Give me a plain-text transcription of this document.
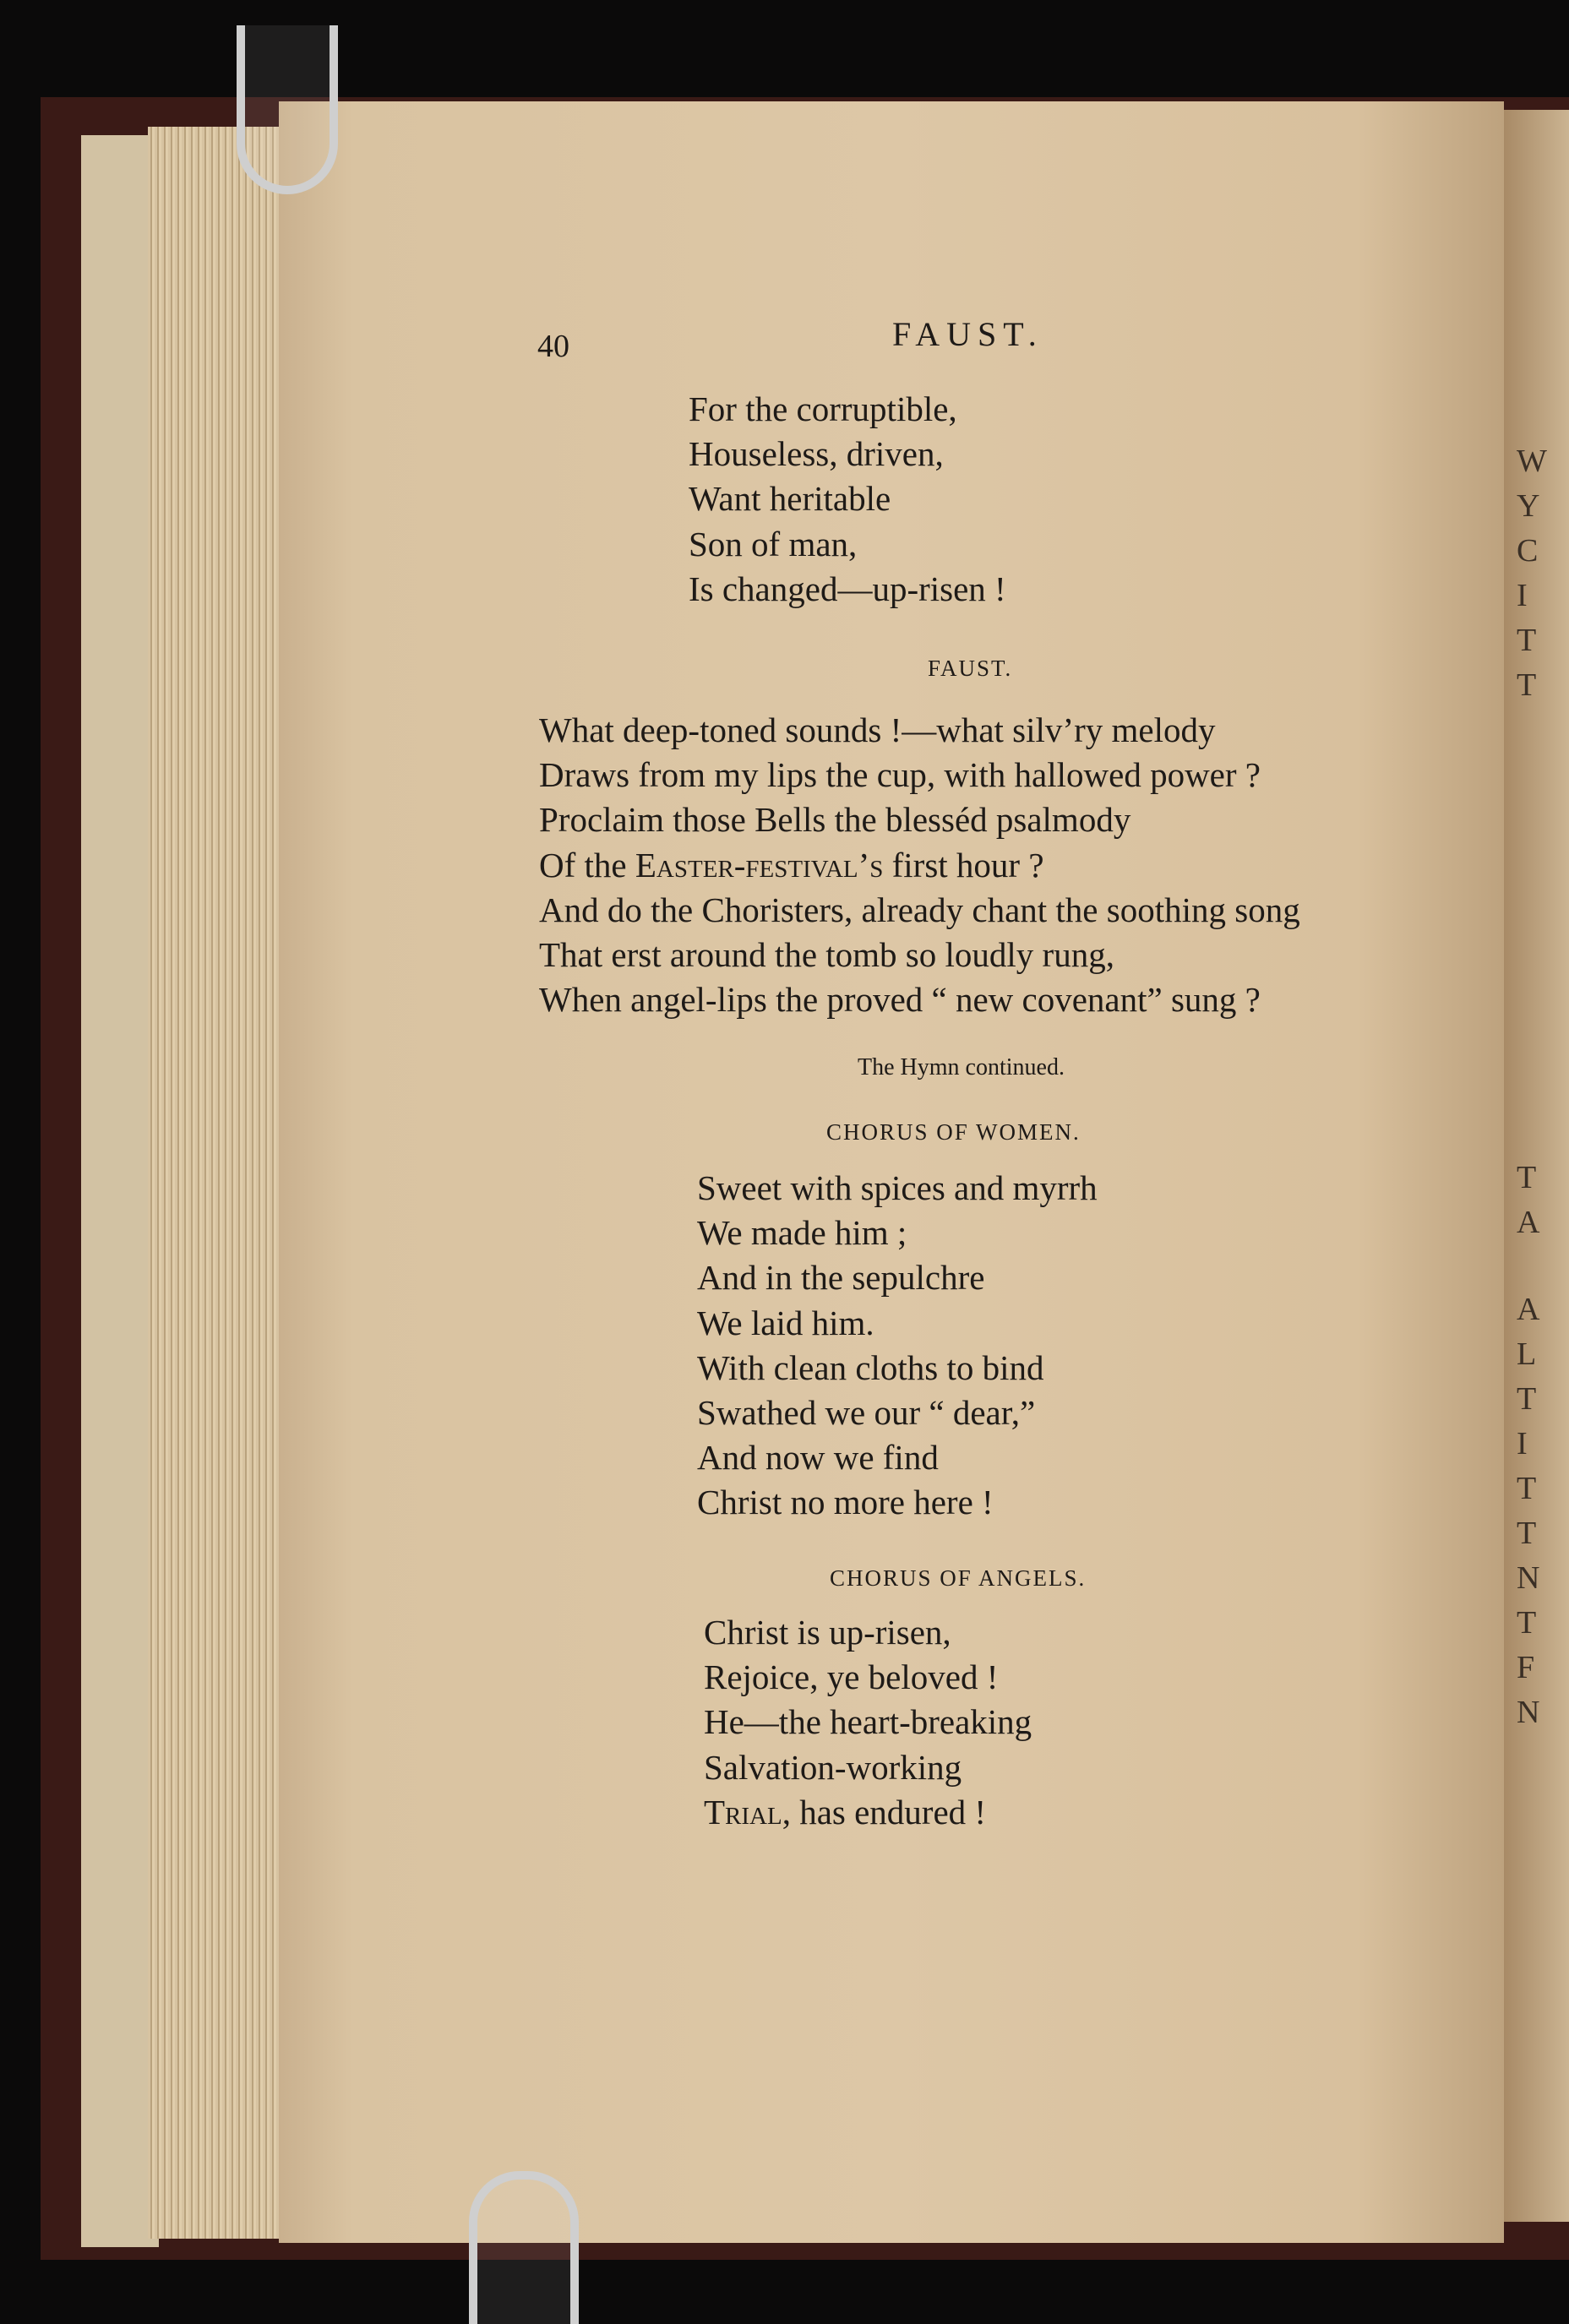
W
Y
C
I
T
T
T
A
A
L
T
I
T
T
N
T
F
N
40	FAUST.
For the corruptible,
Houseless, driven,
Want heritable
Son of man,
Is changed—up-risen !
FAUST.
What deep-toned sounds !—what silv’ry melody
Draws from my lips the cup, with hallowed power ?
Proclaim those Bells the blesséd psalmody
Of the Easter-festival’s first hour ?
And do the Choristers, already chant the soothing song
That erst around the tomb so loudly rung,
When angel-lips the proved “ new covenant” sung ?
The Hymn continued.
CHORUS OF WOMEN.
Sweet with spices and myrrh
We made him ;
And in the sepulchre
We laid him.
With clean cloths to bind
Swathed we our “ dear,”
And now we find
Christ no more here !
CHORUS OF ANGELS.
Christ is up-risen,
Rejoice, ye beloved !
He—the heart-breaking
Salvation-working
Trial, has endured !
